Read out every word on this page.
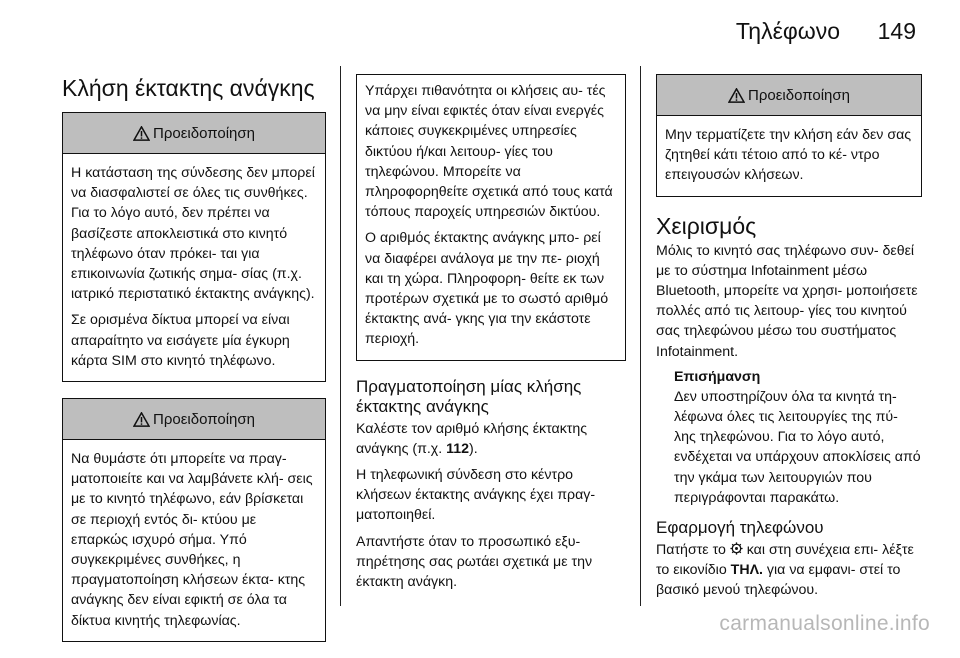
Τηλέφωνο 149
Κλήση έκτακτης ανάγκης
Προειδοποίηση

Η κατάσταση της σύνδεσης δεν μπορεί να διασφαλιστεί σε όλες τις συνθήκες. Για το λόγο αυτό, δεν πρέπει να βασίζεστε αποκλειστικά στο κινητό τηλέφωνο όταν πρόκει- ται για επικοινωνία ζωτικής σημα- σίας (π.χ. ιατρικό περιστατικό έκτακτης ανάγκης).

Σε ορισμένα δίκτυα μπορεί να είναι απαραίτητο να εισάγετε μία έγκυρη κάρτα SIM στο κινητό τηλέφωνο.

Προειδοποίηση

Να θυμάστε ότι μπορείτε να πραγ- ματοποιείτε και να λαμβάνετε κλή- σεις με το κινητό τηλέφωνο, εάν βρίσκεται σε περιοχή εντός δι- κτύου με επαρκώς ισχυρό σήμα. Υπό συγκεκριμένες συνθήκες, η πραγματοποίηση κλήσεων έκτα- κτης ανάγκης δεν είναι εφικτή σε όλα τα δίκτυα κινητής τηλεφωνίας.

Υπάρχει πιθανότητα οι κλήσεις αυ- τές να μην είναι εφικτές όταν είναι ενεργές κάποιες συγκεκριμένες υπηρεσίες δικτύου ή/και λειτουρ- γίες του τηλεφώνου. Μπορείτε να πληροφορηθείτε σχετικά από τους κατά τόπους παροχείς υπηρεσιών δικτύου.

Ο αριθμός έκτακτης ανάγκης μπο- ρεί να διαφέρει ανάλογα με την πε- ριοχή και τη χώρα. Πληροφορη- θείτε εκ των προτέρων σχετικά με το σωστό αριθμό έκτακτης ανά- γκης για την εκάστοτε περιοχή.

Πραγματοποίηση μίας κλήσης έκτακτης ανάγκης

Καλέστε τον αριθμό κλήσης έκτακτης ανάγκης (π.χ. 112).

Η τηλεφωνική σύνδεση στο κέντρο κλήσεων έκτακτης ανάγκης έχει πραγ- ματοποιηθεί.

Απαντήστε όταν το προσωπικό εξυ- πηρέτησης σας ρωτάει σχετικά με την έκτακτη ανάγκη.

Προειδοποίηση

Μην τερματίζετε την κλήση εάν δεν σας ζητηθεί κάτι τέτοιο από το κέ- ντρο επειγουσών κλήσεων.

Χειρισμός

Μόλις το κινητό σας τηλέφωνο συν- δεθεί με το σύστημα Infotainment μέσω Bluetooth, μπορείτε να χρησι- μοποιήσετε πολλές από τις λειτουρ- γίες του κινητού σας τηλεφώνου μέσω του συστήματος Infotainment.

Επισήμανση

Δεν υποστηρίζουν όλα τα κινητά τη- λέφωνα όλες τις λειτουργίες της πύ- λης τηλεφώνου. Για το λόγο αυτό, ενδέχεται να υπάρχουν αποκλίσεις από την γκάμα των λειτουργιών που περιγράφονται παρακάτω.

Εφαρμογή τηλεφώνου

Πατήστε το  και στη συνέχεια επι- λέξτε το εικονίδιο ΤΗΛ. για να εμφανι- στεί το βασικό μενού τηλεφώνου.

carmanualsonline.info
